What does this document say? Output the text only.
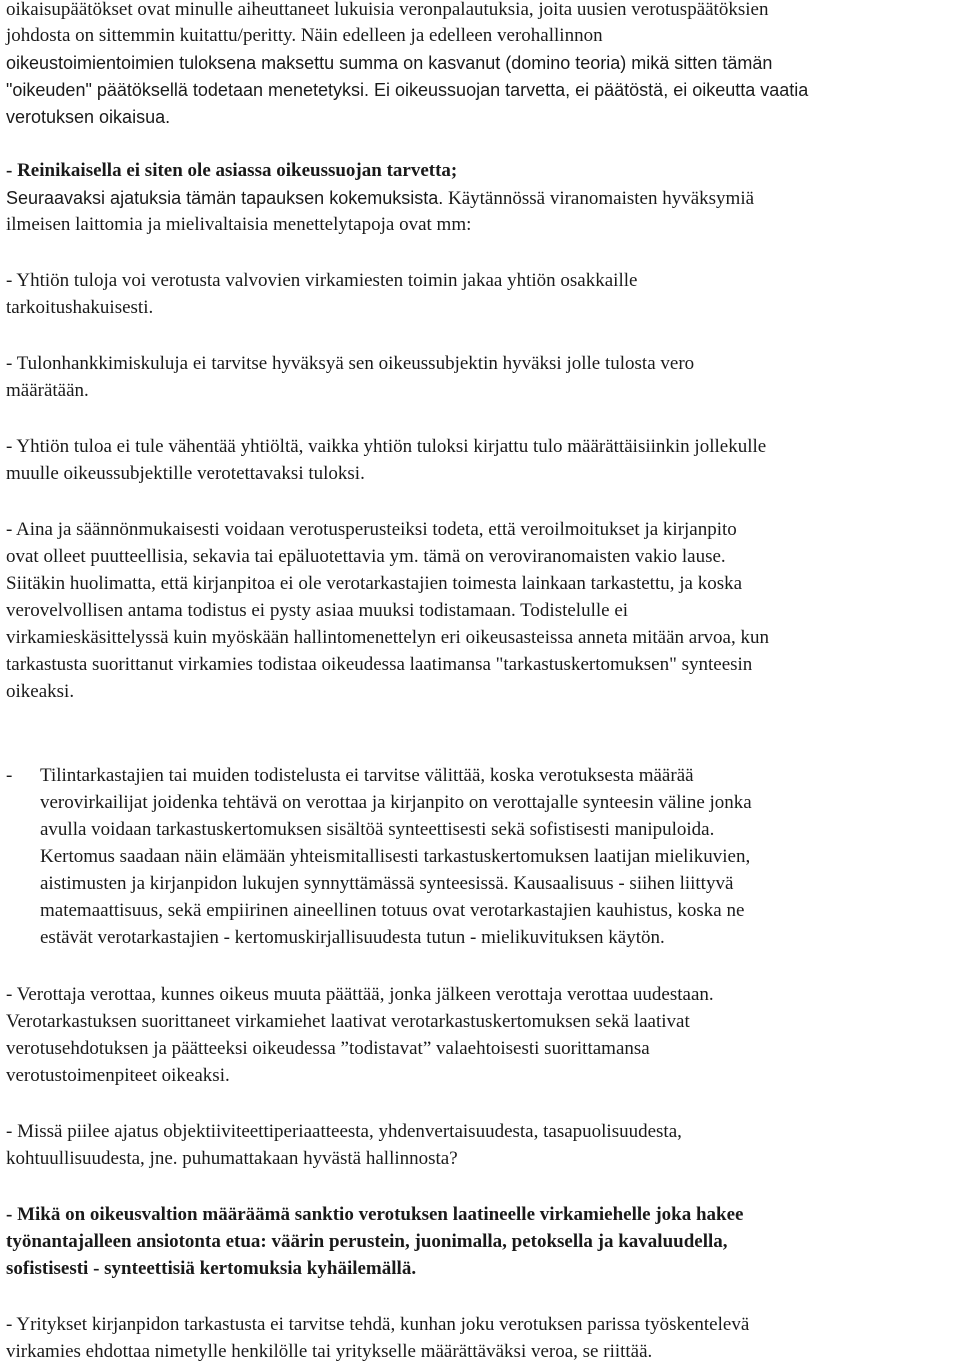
oikaisupäätökset ovat minulle aiheuttaneet lukuisia veronpalautuksia, joita uusien verotuspäätöksien
johdosta on sittemmin kuitattu/peritty. Näin edelleen ja edelleen verohallinnon
oikeustoimientoimien tuloksena maksettu summa on kasvanut (domino teoria) mikä sitten tämän
"oikeuden" päätöksellä todetaan menetetyksi. Ei oikeussuojan tarvetta, ei päätöstä, ei oikeutta vaatia
verotuksen oikaisua.
- Reinikaisella ei siten ole asiassa oikeussuojan tarvetta;
Seuraavaksi ajatuksia tämän tapauksen kokemuksista. Käytännössä viranomaisten hyväksymiä
ilmeisen laittomia ja mielivaltaisia menettelytapoja ovat mm:
- Yhtiön tuloja voi verotusta valvovien virkamiesten toimin jakaa yhtiön osakkaille
tarkoitushakuisesti.
- Tulonhankkimiskuluja ei tarvitse hyväksyä sen oikeussubjektin hyväksi jolle tulosta vero
määrätään.
- Yhtiön tuloa ei tule vähentää yhtiöltä, vaikka yhtiön tuloksi kirjattu tulo määrättäisiinkin jollekulle
muulle oikeussubjektille verotettavaksi tuloksi.
- Aina ja säännönmukaisesti voidaan verotusperusteiksi todeta, että veroilmoitukset ja kirjanpito
ovat olleet puutteellisia, sekavia tai epäluotettavia ym. tämä on veroviranomaisten vakio lause.
Siitäkin huolimatta, että kirjanpitoa ei ole verotarkastajien toimesta lainkaan tarkastettu, ja koska
verovelvollisen antama todistus ei pysty asiaa muuksi todistamaan. Todistelulle ei
virkamieskäsittelyssä kuin myöskään hallintomenettelyn eri oikeusasteissa anneta mitään arvoa, kun
tarkastusta suorittanut virkamies todistaa oikeudessa laatimansa "tarkastuskertomuksen" synteesin
oikeaksi.
- Tilintarkastajien tai muiden todistelusta ei tarvitse välittää, koska verotuksesta määrää
verovirkailijat joidenka tehtävä on verottaa ja kirjanpito on verottajalle synteesin väline jonka
avulla voidaan tarkastuskertomuksen sisältöä synteettisesti sekä sofistisesti manipuloida.
Kertomus saadaan näin elämään yhteismitallisesti tarkastuskertomuksen laatijan mielikuvien,
aistimusten ja kirjanpidon lukujen synnyttämässä synteesissä. Kausaalisuus - siihen liittyvä
matemaattisuus, sekä empiirinen aineellinen totuus ovat verotarkastajien kauhistus, koska ne
estävät verotarkastajien - kertomuskirjallisuudesta tutun - mielikuvituksen käytön.
- Verottaja verottaa, kunnes oikeus muuta päättää, jonka jälkeen verottaja verottaa uudestaan.
Verotarkastuksen suorittaneet virkamiehet laativat verotarkastuskertomuksen sekä laativat
verotusehdotuksen ja päätteeksi oikeudessa ”todistavat” valaehtoisesti suorittamansa
verotustoimenpiteet oikeaksi.
- Missä piilee ajatus objektiiviteettiperiaatteesta, yhdenvertaisuudesta, tasapuolisuudesta,
kohtuullisuudesta, jne. puhumattakaan hyvästä hallinnosta?
- Mikä on oikeusvaltion määräämä sanktio verotuksen laatineelle virkamiehelle joka hakee
työnantajalleen ansiotonta etua: väärin perustein, juonimalla, petoksella ja kavaluudella,
sofistisesti - synteettisiä kertomuksia kyhäilemällä.
- Yritykset kirjanpidon tarkastusta ei tarvitse tehdä, kunhan joku verotuksen parissa työskentelevä
virkamies ehdottaa nimetylle henkilölle tai yritykselle määrättäväksi veroa, se riittää.
